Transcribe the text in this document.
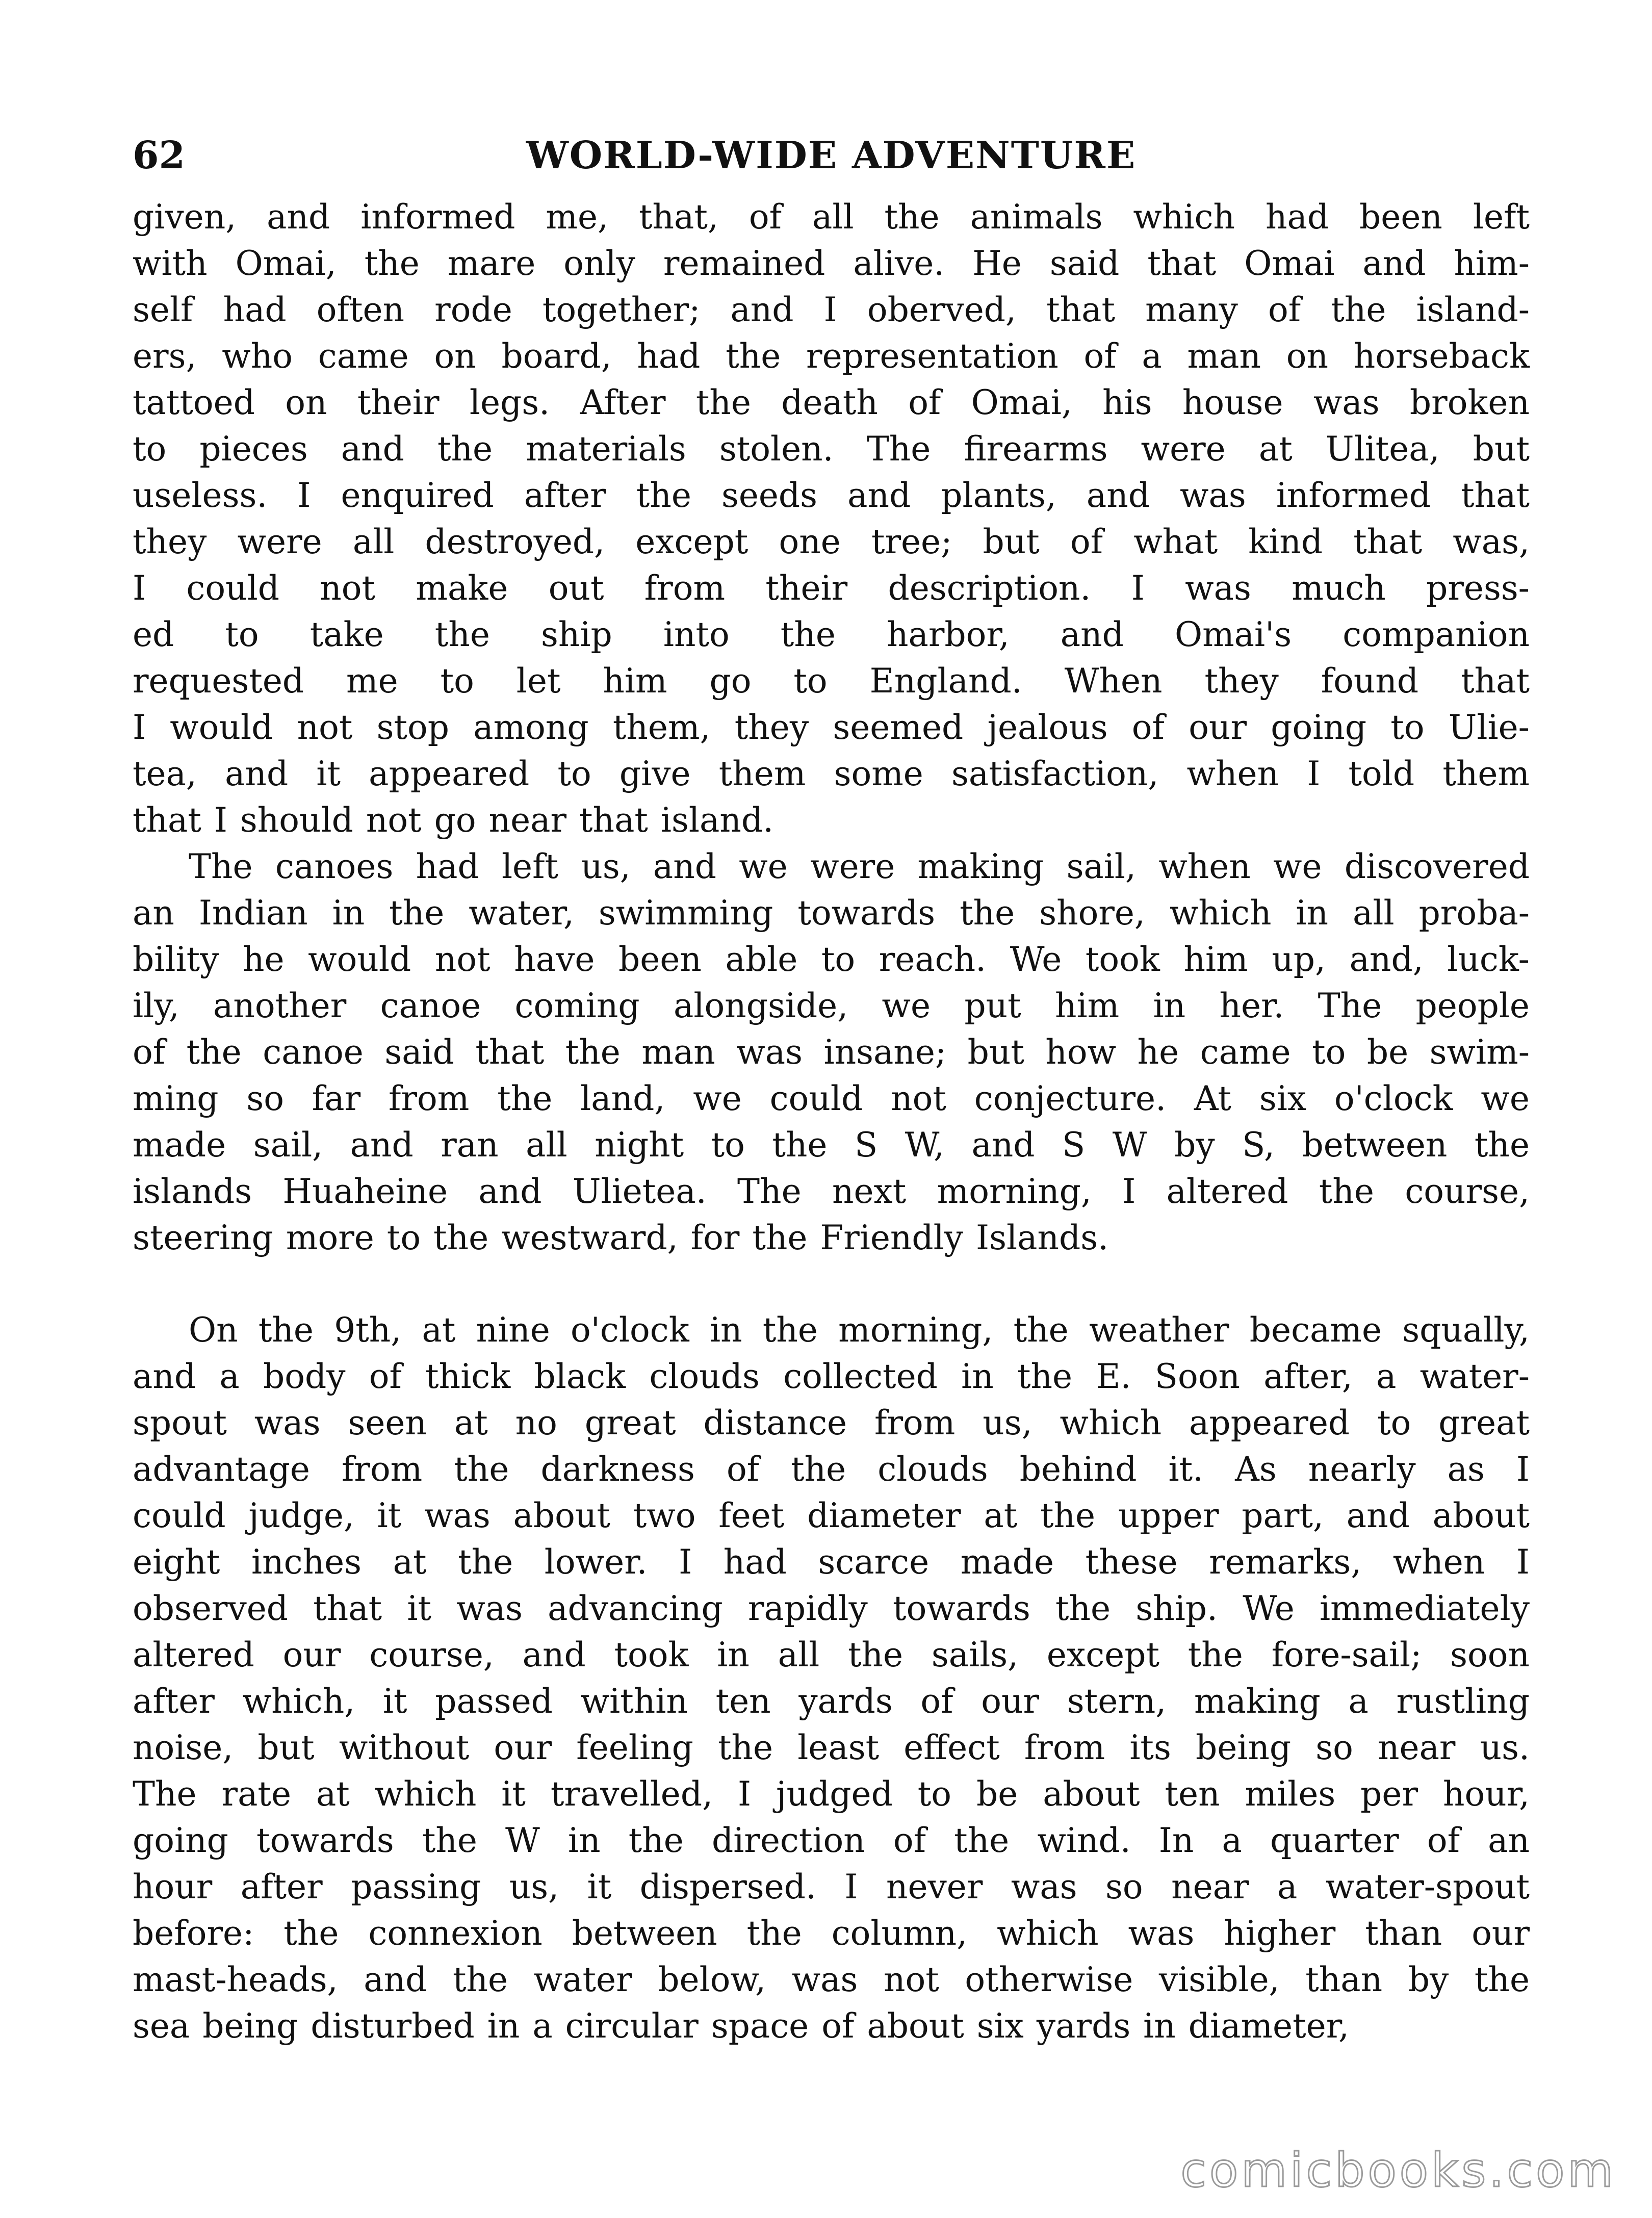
62	WORLD-WIDE ADVENTURE
given, and informed me, that, of all the animals which had been left
with Omai, the mare only remained alive. He said that Omai and him-
self had often rode together; and I oberved, that many of the island-
ers, who came on board, had the representation of a man on horseback
tattoed on their legs. After the death of Omai, his house was broken
to pieces and the materials stolen. The firearms were at Ulitea, but
useless. I enquired after the seeds and plants, and was informed that
they were all destroyed, except one tree; but of what kind that was,
I could not make out from their description. I was much press-
ed to take the ship into the harbor, and Omai's companion
requested me to let him go to England. When they found that
I would not stop among them, they seemed jealous of our going to Ulie-
tea, and it appeared to give them some satisfaction, when I told them
that I should not go near that island.
The canoes had left us, and we were making sail, when we discovered
an Indian in the water, swimming towards the shore, which in all proba-
bility he would not have been able to reach. We took him up, and, luck-
ily, another canoe coming alongside, we put him in her. The people
of the canoe said that the man was insane; but how he came to be swim-
ming so far from the land, we could not conjecture. At six o'clock we
made sail, and ran all night to the S W, and S W by S, between the
islands Huaheine and Ulietea. The next morning, I altered the course,
steering more to the westward, for the Friendly Islands.
On the 9th, at nine o'clock in the morning, the weather became squally,
and a body of thick black clouds collected in the E. Soon after, a water-
spout was seen at no great distance from us, which appeared to great
advantage from the darkness of the clouds behind it. As nearly as I
could judge, it was about two feet diameter at the upper part, and about
eight inches at the lower. I had scarce made these remarks, when I
observed that it was advancing rapidly towards the ship. We immediately
altered our course, and took in all the sails, except the fore-sail; soon
after which, it passed within ten yards of our stern, making a rustling
noise, but without our feeling the least effect from its being so near us.
The rate at which it travelled, I judged to be about ten miles per hour,
going towards the W in the direction of the wind. In a quarter of an
hour after passing us, it dispersed. I never was so near a water-spout
before: the connexion between the column, which was higher than our
mast-heads, and the water below, was not otherwise visible, than by the
sea being disturbed in a circular space of about six yards in diameter,
comicbooks.com
